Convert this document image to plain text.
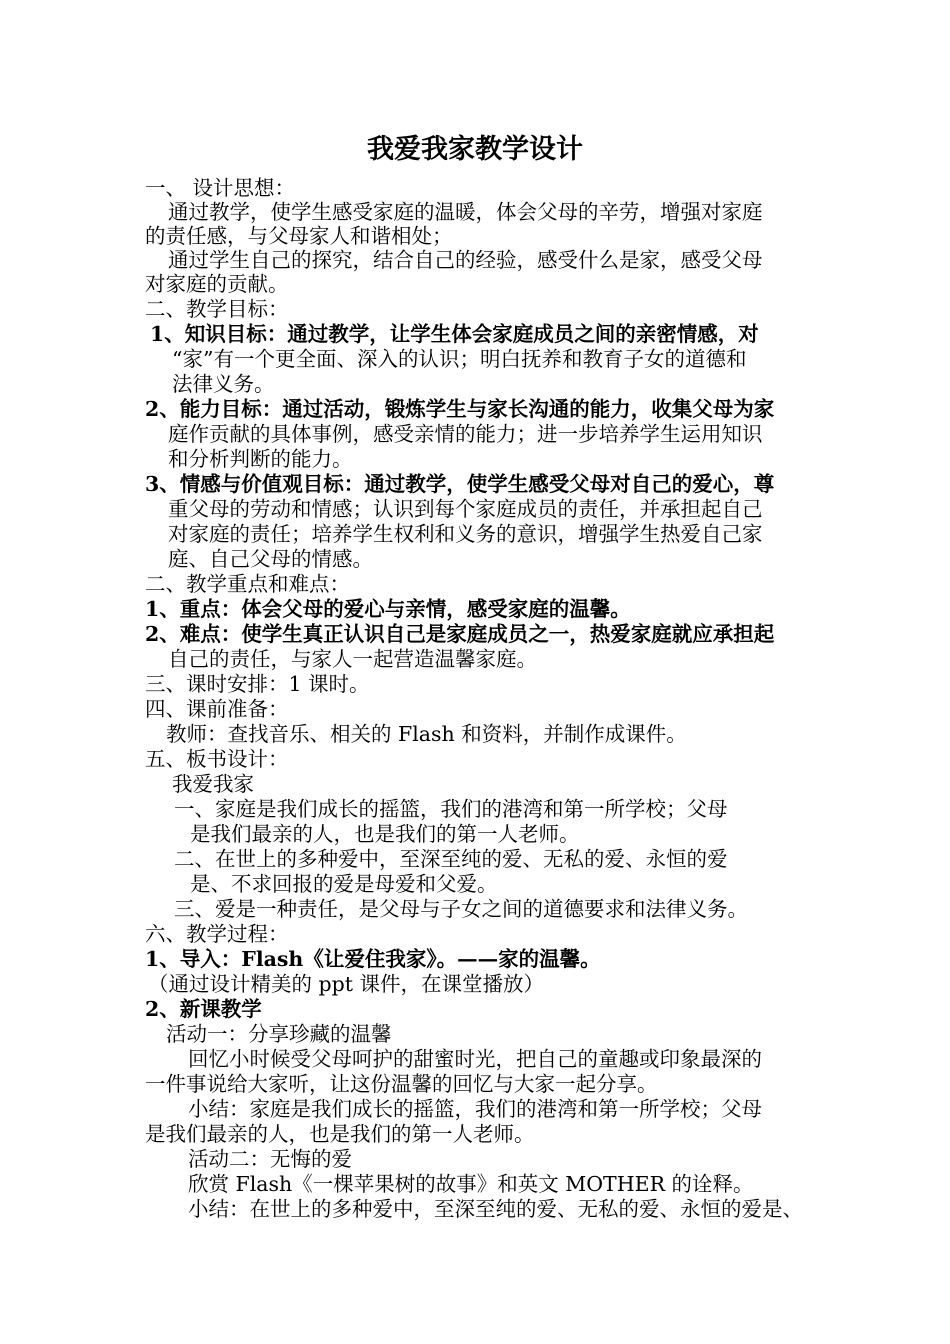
我爱我家教学设计
一、 设计思想：
通过教学，使学生感受家庭的温暖，体会父母的辛劳，增强对家庭
的责任感，与父母家人和谐相处；
通过学生自己的探究，结合自己的经验，感受什么是家，感受父母
对家庭的贡献。
二、教学目标：
1、知识目标：通过教学，让学生体会家庭成员之间的亲密情感，对
“家”有一个更全面、深入的认识；明白抚养和教育子女的道德和
法律义务。
2、能力目标：通过活动，锻炼学生与家长沟通的能力，收集父母为家
庭作贡献的具体事例，感受亲情的能力；进一步培养学生运用知识
和分析判断的能力。
3、情感与价值观目标：通过教学，使学生感受父母对自己的爱心，尊
重父母的劳动和情感；认识到每个家庭成员的责任，并承担起自己
对家庭的责任；培养学生权利和义务的意识，增强学生热爱自己家
庭、自己父母的情感。
二、教学重点和难点：
1、重点：体会父母的爱心与亲情，感受家庭的温馨。
2、难点：使学生真正认识自己是家庭成员之一，热爱家庭就应承担起
自己的责任，与家人一起营造温馨家庭。
三、课时安排：1 课时。
四、课前准备：
教师：查找音乐、相关的 Flash 和资料，并制作成课件。
五、板书设计：
我爱我家
一、家庭是我们成长的摇篮，我们的港湾和第一所学校；父母
是我们最亲的人，也是我们的第一人老师。
二、在世上的多种爱中，至深至纯的爱、无私的爱、永恒的爱
是、不求回报的爱是母爱和父爱。
三、爱是一种责任，是父母与子女之间的道德要求和法律义务。
六、教学过程：
1、导入：Flash《让爱住我家》。——家的温馨。
（通过设计精美的 ppt 课件，在课堂播放）
2、新课教学
活动一：分享珍藏的温馨
回忆小时候受父母呵护的甜蜜时光，把自己的童趣或印象最深的
一件事说给大家听，让这份温馨的回忆与大家一起分享。
小结：家庭是我们成长的摇篮，我们的港湾和第一所学校；父母
是我们最亲的人，也是我们的第一人老师。
活动二：无悔的爱
欣赏 Flash《一棵苹果树的故事》和英文 MOTHER 的诠释。
小结：在世上的多种爱中，至深至纯的爱、无私的爱、永恒的爱是、
